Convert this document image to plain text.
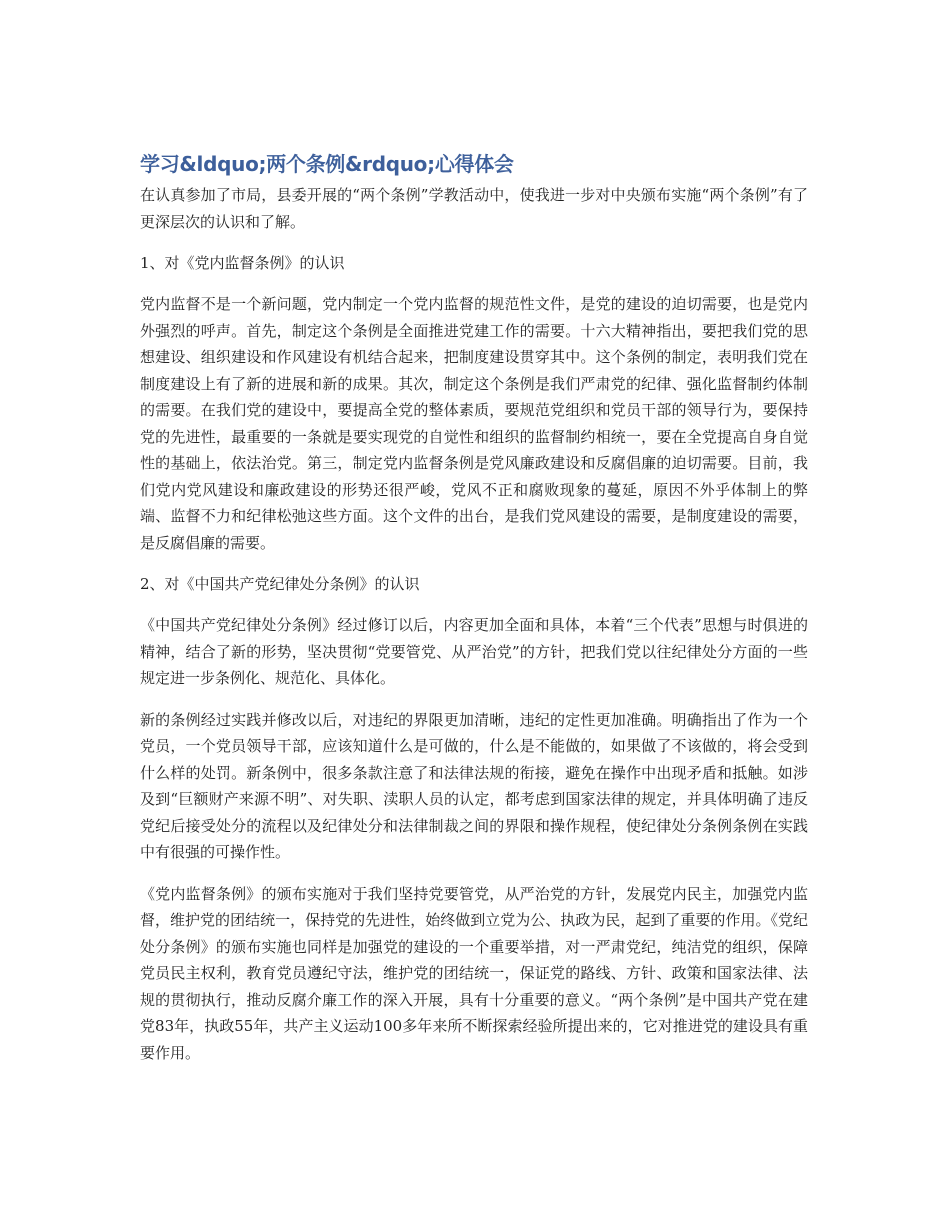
学习&ldquo;两个条例&rdquo;心得体会

在认真参加了市局，县委开展的“两个条例”学教活动中，使我进一步对中央颁布实施“两个条例”有了更深层次的认识和了解。

1、对《党内监督条例》的认识

党内监督不是一个新问题，党内制定一个党内监督的规范性文件，是党的建设的迫切需要，也是党内外强烈的呼声。首先，制定这个条例是全面推进党建工作的需要。十六大精神指出，要把我们党的思想建设、组织建设和作风建设有机结合起来，把制度建设贯穿其中。这个条例的制定，表明我们党在制度建设上有了新的进展和新的成果。其次，制定这个条例是我们严肃党的纪律、强化监督制约体制的需要。在我们党的建设中，要提高全党的整体素质，要规范党组织和党员干部的领导行为，要保持党的先进性，最重要的一条就是要实现党的自觉性和组织的监督制约相统一，要在全党提高自身自觉性的基础上，依法治党。第三，制定党内监督条例是党风廉政建设和反腐倡廉的迫切需要。目前，我们党内党风建设和廉政建设的形势还很严峻，党风不正和腐败现象的蔓延，原因不外乎体制上的弊端、监督不力和纪律松弛这些方面。这个文件的出台，是我们党风建设的需要，是制度建设的需要，是反腐倡廉的需要。

2、对《中国共产党纪律处分条例》的认识

《中国共产党纪律处分条例》经过修订以后，内容更加全面和具体，本着“三个代表”思想与时俱进的精神，结合了新的形势，坚决贯彻“党要管党、从严治党”的方针，把我们党以往纪律处分方面的一些规定进一步条例化、规范化、具体化。

新的条例经过实践并修改以后，对违纪的界限更加清晰，违纪的定性更加准确。明确指出了作为一个党员，一个党员领导干部，应该知道什么是可做的，什么是不能做的，如果做了不该做的，将会受到什么样的处罚。新条例中，很多条款注意了和法律法规的衔接，避免在操作中出现矛盾和抵触。如涉及到“巨额财产来源不明”、对失职、渎职人员的认定，都考虑到国家法律的规定，并具体明确了违反党纪后接受处分的流程以及纪律处分和法律制裁之间的界限和操作规程，使纪律处分条例条例在实践中有很强的可操作性。

《党内监督条例》的颁布实施对于我们坚持党要管党，从严治党的方针，发展党内民主，加强党内监督，维护党的团结统一，保持党的先进性，始终做到立党为公、执政为民，起到了重要的作用。《党纪处分条例》的颁布实施也同样是加强党的建设的一个重要举措，对一严肃党纪，纯洁党的组织，保障党员民主权利，教育党员遵纪守法，维护党的团结统一，保证党的路线、方针、政策和国家法律、法规的贯彻执行，推动反腐介廉工作的深入开展，具有十分重要的意义。“两个条例”是中国共产党在建党83年，执政55年，共产主义运动100多年来所不断探索经验所提出来的，它对推进党的建设具有重要作用。
